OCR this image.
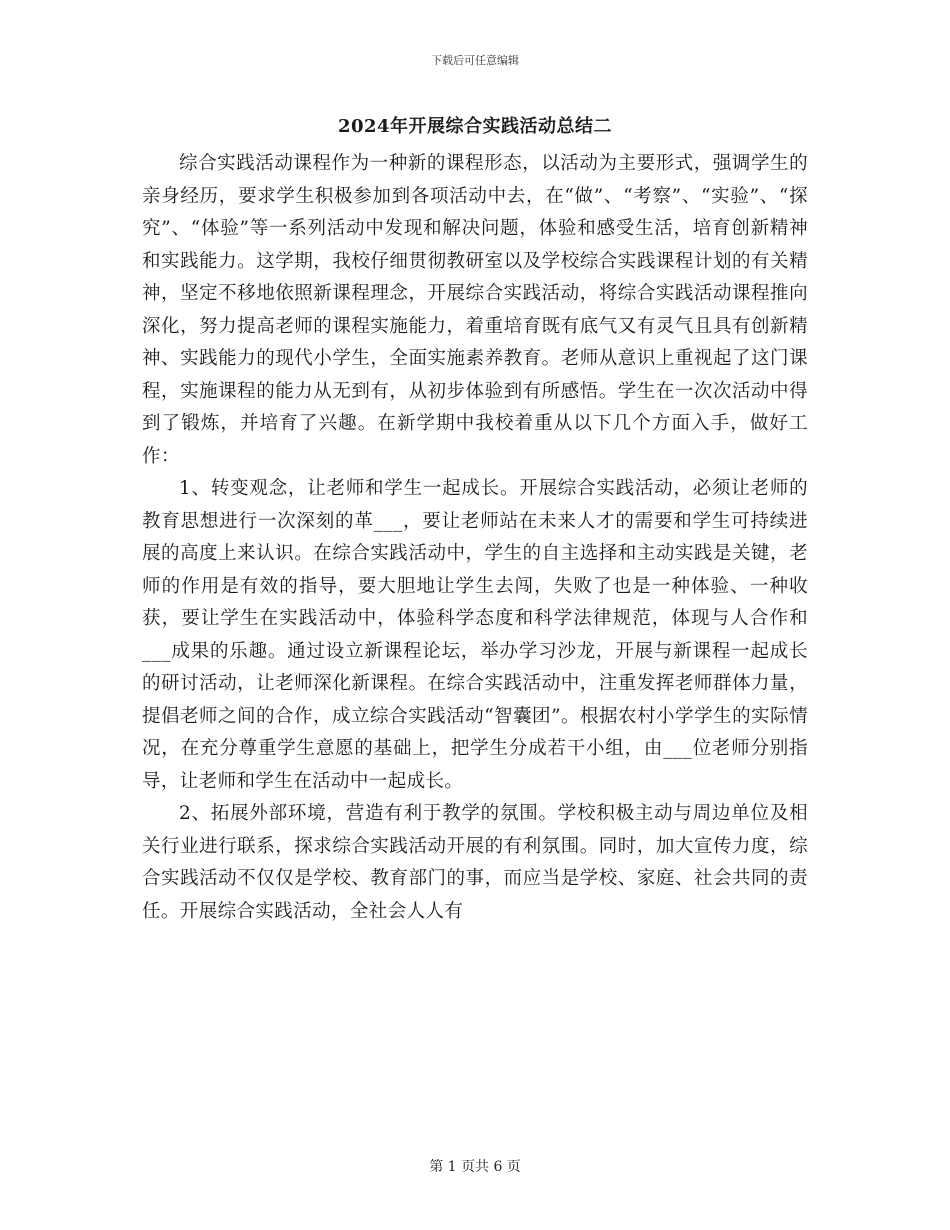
下载后可任意编辑
2024年开展综合实践活动总结二

综合实践活动课程作为一种新的课程形态，以活动为主要形式，强调学生的亲身经历，要求学生积极参加到各项活动中去，在“做”、“考察”、“实验”、“探究”、“体验”等一系列活动中发现和解决问题，体验和感受生活，培育创新精神和实践能力。这学期，我校仔细贯彻教研室以及学校综合实践课程计划的有关精神，坚定不移地依照新课程理念，开展综合实践活动，将综合实践活动课程推向深化，努力提高老师的课程实施能力，着重培育既有底气又有灵气且具有创新精神、实践能力的现代小学生，全面实施素养教育。老师从意识上重视起了这门课程，实施课程的能力从无到有，从初步体验到有所感悟。学生在一次次活动中得到了锻炼，并培育了兴趣。在新学期中我校着重从以下几个方面入手，做好工作：

1、转变观念，让老师和学生一起成长。开展综合实践活动，必须让老师的教育思想进行一次深刻的革___，要让老师站在未来人才的需要和学生可持续进展的高度上来认识。在综合实践活动中，学生的自主选择和主动实践是关键，老师的作用是有效的指导，要大胆地让学生去闯，失败了也是一种体验、一种收获，要让学生在实践活动中，体验科学态度和科学法律规范，体现与人合作和___成果的乐趣。通过设立新课程论坛，举办学习沙龙，开展与新课程一起成长的研讨活动，让老师深化新课程。在综合实践活动中，注重发挥老师群体力量，提倡老师之间的合作，成立综合实践活动“智囊团”。根据农村小学学生的实际情况，在充分尊重学生意愿的基础上，把学生分成若干小组，由___位老师分别指导，让老师和学生在活动中一起成长。

2、拓展外部环境，营造有利于教学的氛围。学校积极主动与周边单位及相关行业进行联系，探求综合实践活动开展的有利氛围。同时，加大宣传力度，综合实践活动不仅仅是学校、教育部门的事，而应当是学校、家庭、社会共同的责任。开展综合实践活动，全社会人人有

第 1 页共 6 页
